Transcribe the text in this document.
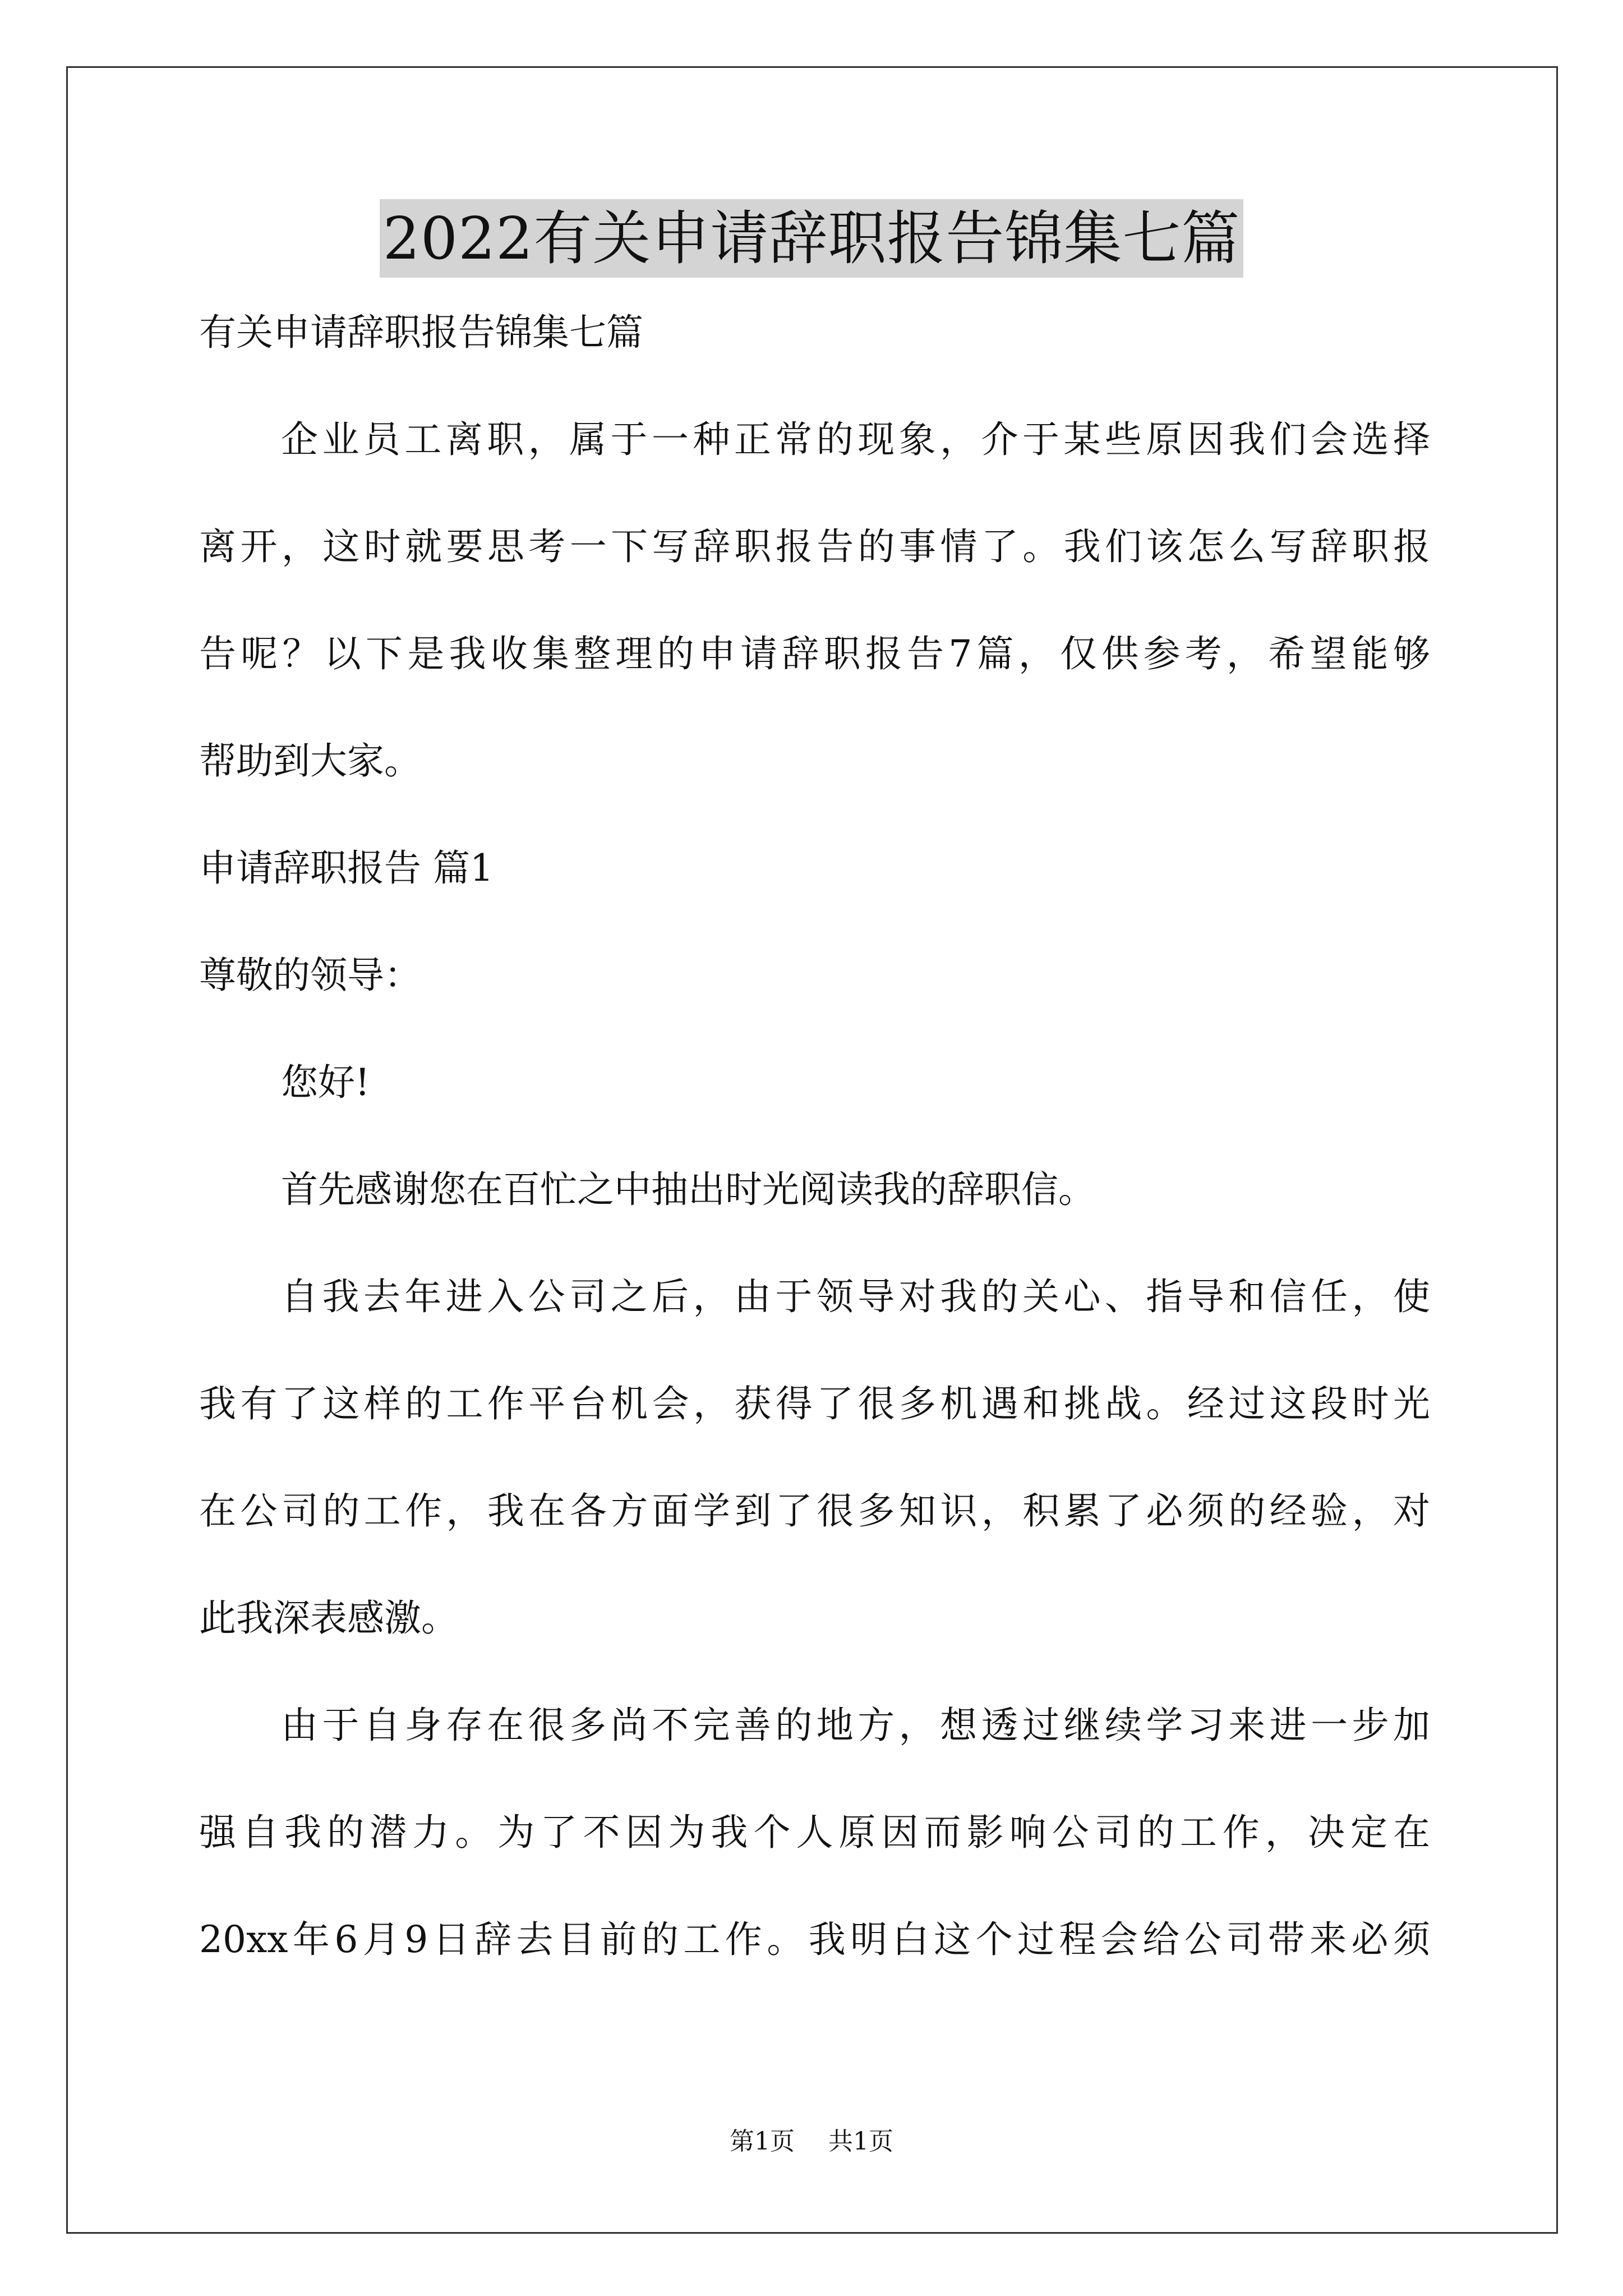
2022有关申请辞职报告锦集七篇
有关申请辞职报告锦集七篇
企业员工离职，属于一种正常的现象，介于某些原因我们会选择
离开，这时就要思考一下写辞职报告的事情了。我们该怎么写辞职报
告呢？以下是我收集整理的申请辞职报告7篇，仅供参考，希望能够
帮助到大家。
申请辞职报告 篇1
尊敬的领导：
您好!
首先感谢您在百忙之中抽出时光阅读我的辞职信。
自我去年进入公司之后，由于领导对我的关心、指导和信任，使
我有了这样的工作平台机会，获得了很多机遇和挑战。经过这段时光
在公司的工作，我在各方面学到了很多知识，积累了必须的经验，对
此我深表感激。
由于自身存在很多尚不完善的地方，想透过继续学习来进一步加
强自我的潜力。为了不因为我个人原因而影响公司的工作，决定在
20xx年6月9日辞去目前的工作。我明白这个过程会给公司带来必须
第1页 共1页
